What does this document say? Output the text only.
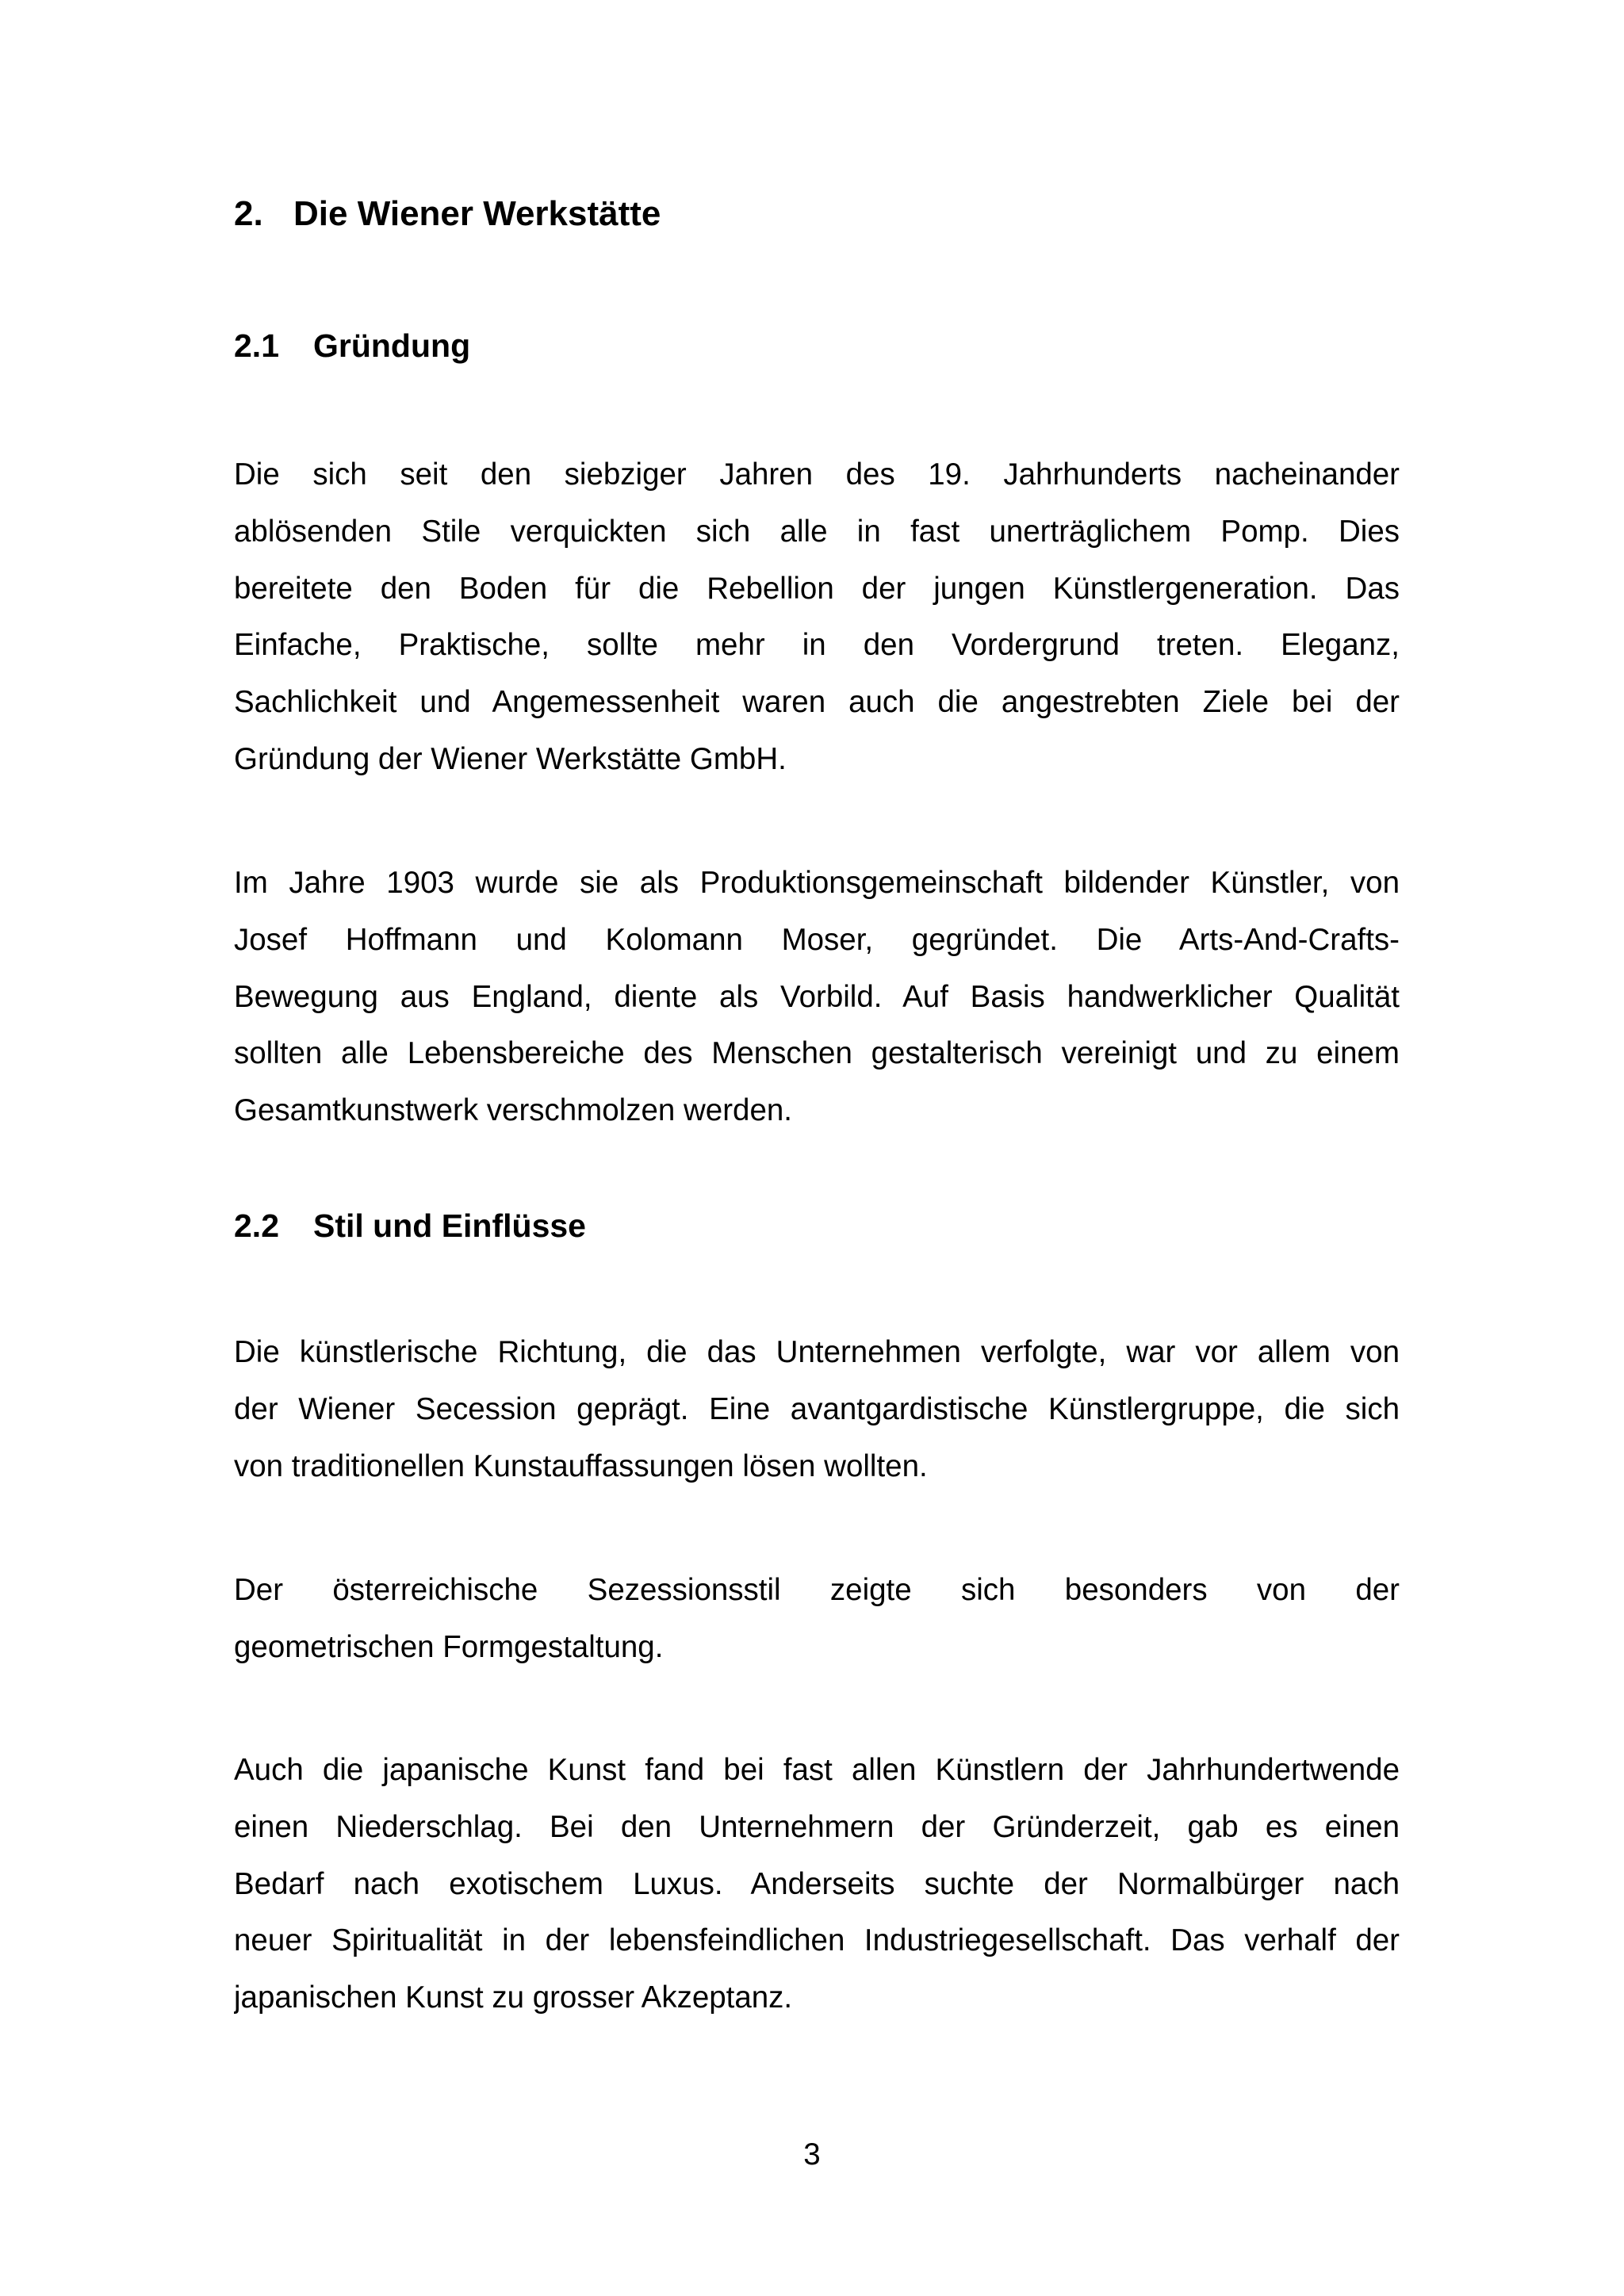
2. Die Wiener Werkstätte
2.1 Gründung

Die sich seit den siebziger Jahren des 19. Jahrhunderts nacheinander
ablösenden Stile verquickten sich alle in fast unerträglichem Pomp. Dies
bereitete den Boden für die Rebellion der jungen Künstlergeneration. Das
Einfache, Praktische, sollte mehr in den Vordergrund treten. Eleganz,
Sachlichkeit und Angemessenheit waren auch die angestrebten Ziele bei der
Gründung der Wiener Werkstätte GmbH.

Im Jahre 1903 wurde sie als Produktionsgemeinschaft bildender Künstler, von
Josef Hoffmann und Kolomann Moser, gegründet. Die Arts-And-Crafts-
Bewegung aus England, diente als Vorbild. Auf Basis handwerklicher Qualität
sollten alle Lebensbereiche des Menschen gestalterisch vereinigt und zu einem
Gesamtkunstwerk verschmolzen werden.

2.2 Stil und Einflüsse

Die künstlerische Richtung, die das Unternehmen verfolgte, war vor allem von
der Wiener Secession geprägt. Eine avantgardistische Künstlergruppe, die sich
von traditionellen Kunstauffassungen lösen wollten.

Der österreichische Sezessionsstil zeigte sich besonders von der
geometrischen Formgestaltung.

Auch die japanische Kunst fand bei fast allen Künstlern der Jahrhundertwende
einen Niederschlag. Bei den Unternehmern der Gründerzeit, gab es einen
Bedarf nach exotischem Luxus. Anderseits suchte der Normalbürger nach
neuer Spiritualität in der lebensfeindlichen Industriegesellschaft. Das verhalf der
japanischen Kunst zu grosser Akzeptanz.

3
